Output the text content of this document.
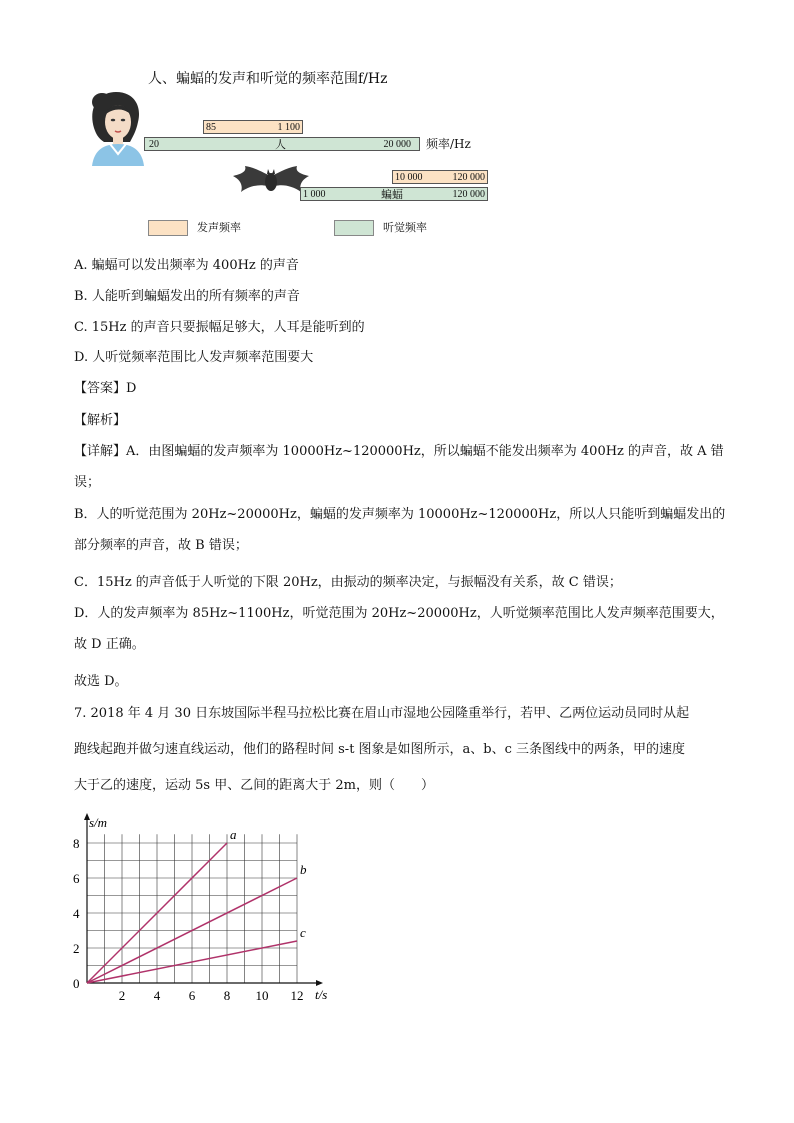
人、蝙蝠的发声和听觉的频率范围f/Hz
85	1 100
20	人	20 000 频率/Hz
10 000	120 000
1 000	蝙蝠	120 000
发声频率	听觉频率
A. 蝙蝠可以发出频率为 400Hz 的声音
B. 人能听到蝙蝠发出的所有频率的声音
C. 15Hz 的声音只要振幅足够大，人耳是能听到的
D. 人听觉频率范围比人发声频率范围要大
【答案】D
【解析】
【详解】A．由图蝙蝠的发声频率为 10000Hz~120000Hz，所以蝙蝠不能发出频率为 400Hz 的声音，故 A 错
误；
B．人的听觉范围为 20Hz~20000Hz，蝙蝠的发声频率为 10000Hz~120000Hz，所以人只能听到蝙蝠发出的
部分频率的声音，故 B 错误；
C．15Hz 的声音低于人听觉的下限 20Hz，由振动的频率决定，与振幅没有关系，故 C 错误；
D．人的发声频率为 85Hz~1100Hz，听觉范围为 20Hz~20000Hz，人听觉频率范围比人发声频率范围要大，
故 D 正确。
故选 D。
7. 2018 年 4 月 30 日东坡国际半程马拉松比赛在眉山市湿地公园隆重举行，若甲、乙两位运动员同时从起
跑线起跑并做匀速直线运动，他们的路程时间 s-t 图象是如图所示，a、b、c 三条图线中的两条，甲的速度
大于乙的速度，运动 5s 甲、乙间的距离大于 2m，则（　　）
s/m
t/s
0
2 4 6 8 10 12
2
4
6
8
a
b
c
